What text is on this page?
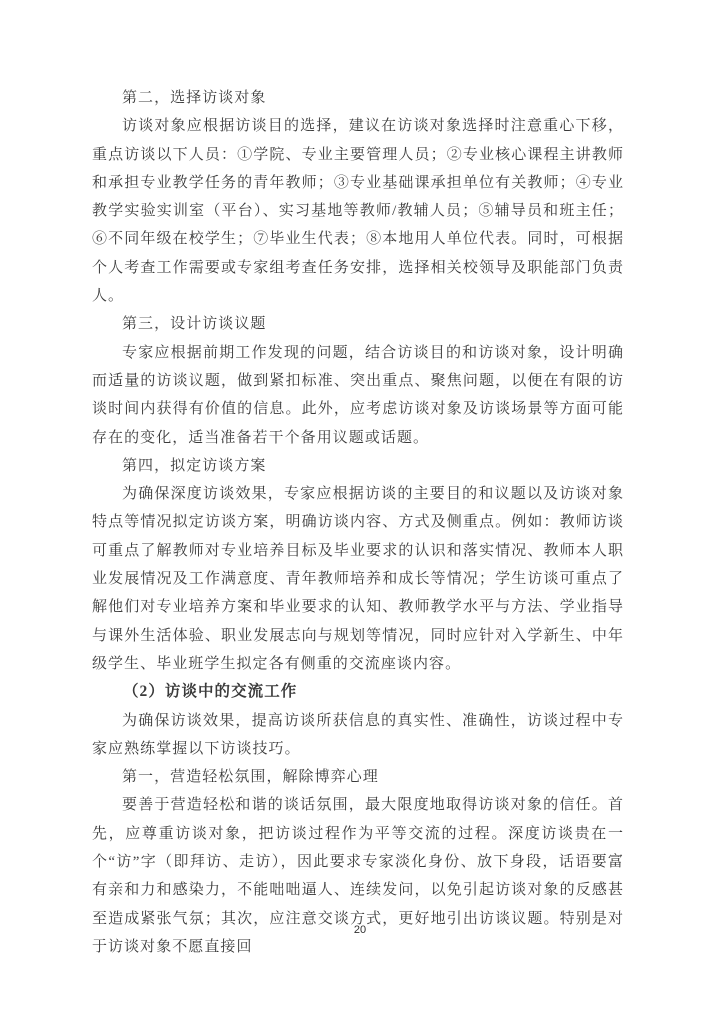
第二，选择访谈对象
访谈对象应根据访谈目的选择，建议在访谈对象选择时注意重心下移，重点访谈以下人员：①学院、专业主要管理人员；②专业核心课程主讲教师和承担专业教学任务的青年教师；③专业基础课承担单位有关教师；④专业教学实验实训室（平台）、实习基地等教师/教辅人员；⑤辅导员和班主任；⑥不同年级在校学生；⑦毕业生代表；⑧本地用人单位代表。同时，可根据个人考查工作需要或专家组考查任务安排，选择相关校领导及职能部门负责人。
第三，设计访谈议题
专家应根据前期工作发现的问题，结合访谈目的和访谈对象，设计明确而适量的访谈议题，做到紧扣标准、突出重点、聚焦问题，以便在有限的访谈时间内获得有价值的信息。此外，应考虑访谈对象及访谈场景等方面可能存在的变化，适当准备若干个备用议题或话题。
第四，拟定访谈方案
为确保深度访谈效果，专家应根据访谈的主要目的和议题以及访谈对象特点等情况拟定访谈方案，明确访谈内容、方式及侧重点。例如：教师访谈可重点了解教师对专业培养目标及毕业要求的认识和落实情况、教师本人职业发展情况及工作满意度、青年教师培养和成长等情况；学生访谈可重点了解他们对专业培养方案和毕业要求的认知、教师教学水平与方法、学业指导与课外生活体验、职业发展志向与规划等情况，同时应针对入学新生、中年级学生、毕业班学生拟定各有侧重的交流座谈内容。
（2）访谈中的交流工作
为确保访谈效果，提高访谈所获信息的真实性、准确性，访谈过程中专家应熟练掌握以下访谈技巧。
第一，营造轻松氛围，解除博弈心理
要善于营造轻松和谐的谈话氛围，最大限度地取得访谈对象的信任。首先，应尊重访谈对象，把访谈过程作为平等交流的过程。深度访谈贵在一个“访”字（即拜访、走访），因此要求专家淡化身份、放下身段，话语要富有亲和力和感染力，不能咄咄逼人、连续发问，以免引起访谈对象的反感甚至造成紧张气氛；其次，应注意交谈方式，更好地引出访谈议题。特别是对于访谈对象不愿直接回
20
